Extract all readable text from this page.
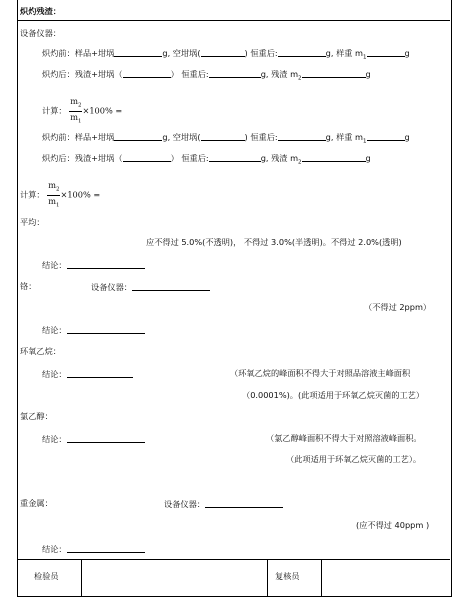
炽灼残渣：
设备仪器：
炽灼前：样品+坩埚	g, 空坩埚(	) 恒重后:	g, 样重 $m_1$	g
炽灼后：残渣+坩埚（	） 恒重后:	g, 残渣 $m_2$	g
计算： $\frac{m_2}{m_1} \times 100\%$ =
炽灼前：样品+坩埚	g, 空坩埚(	) 恒重后:	g, 样重 $m_1$	g
炽灼后：残渣+坩埚（	） 恒重后:	g, 残渣 $m_2$	g
计算： $\frac{m_2}{m_1} \times 100\%$ =
平均：
应不得过 5.0%(不透明)， 不得过 3.0%(半透明)。不得过 2.0%(透明)
结论：
铬：	设备仪器：
（不得过 2ppm）
结论：
环氧乙烷：
结论：	（环氧乙烷的峰面积不得大于对照品溶液主峰面积
（0.0001%)。(此项适用于环氧乙烷灭菌的工艺）
氯乙醇：
结论：	（氯乙醇峰面积不得大于对照溶液峰面积。
（此项适用于环氧乙烷灭菌的工艺）。
重金属：	设备仪器：
(应不得过 40ppm )
结论：
检验员	复核员
